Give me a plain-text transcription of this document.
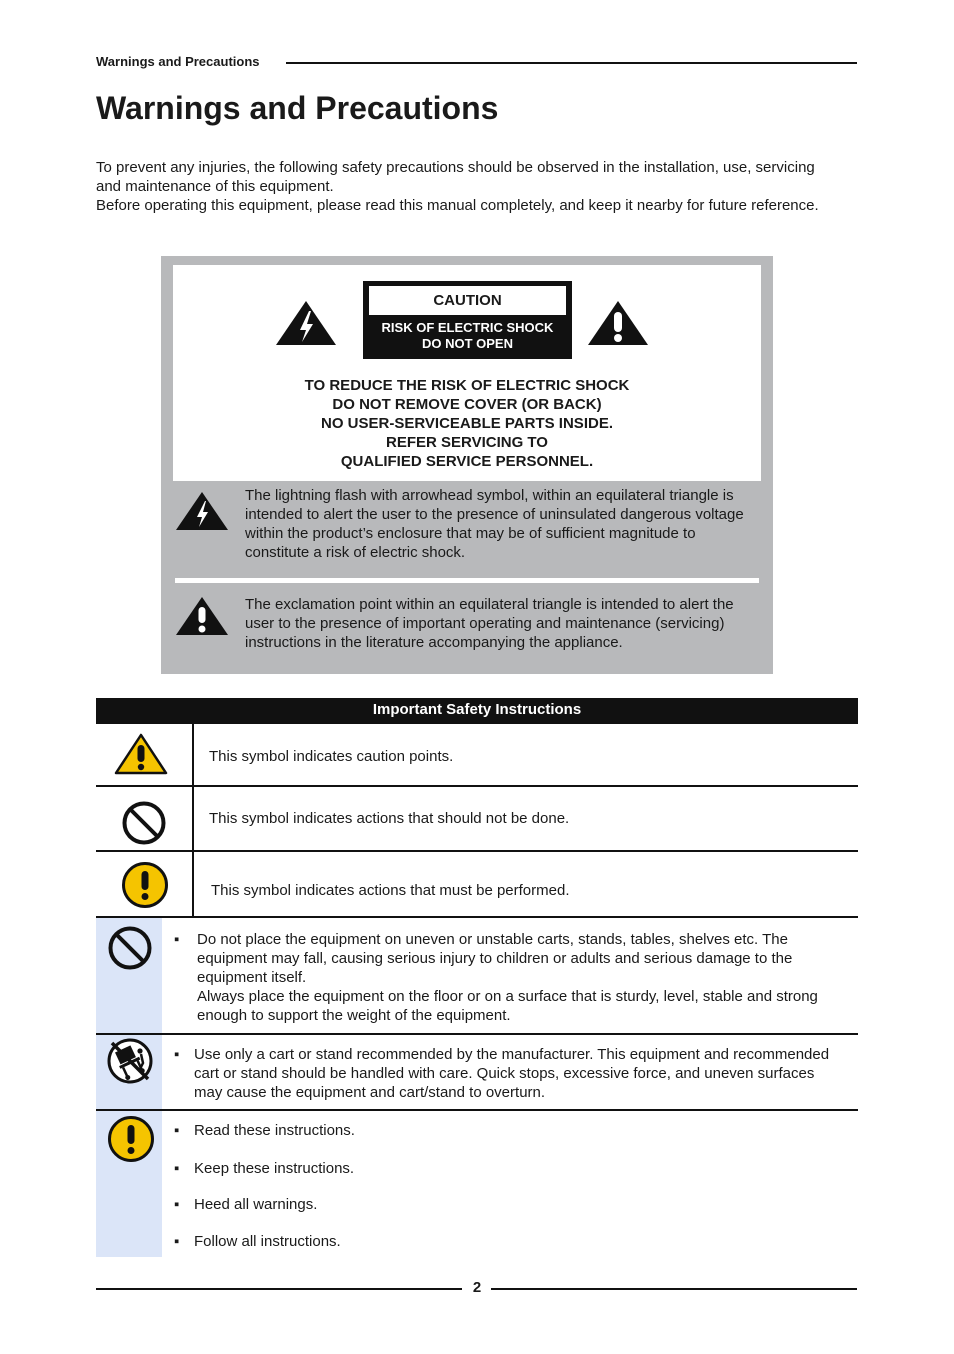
Warnings and Precautions
Warnings and Precautions

To prevent any injuries, the following safety precautions should be observed in the installation, use, servicing and maintenance of this equipment.

Before operating this equipment, please read this manual completely, and keep it nearby for future reference.

CAUTION
RISK OF ELECTRIC SHOCK
DO NOT OPEN
TO REDUCE THE RISK OF ELECTRIC SHOCK
DO NOT REMOVE COVER (OR BACK)
NO USER-SERVICEABLE PARTS INSIDE.
REFER SERVICING TO
QUALIFIED SERVICE PERSONNEL.
The lightning flash with arrowhead symbol, within an equilateral triangle is intended to alert the user to the presence of uninsulated dangerous voltage within the product’s enclosure that may be of sufficient magnitude to constitute a risk of electric shock.
The exclamation point within an equilateral triangle is intended to alert the user to the presence of important operating and maintenance (servicing) instructions in the literature accompanying the appliance.
Important Safety Instructions
This symbol indicates caution points.
This symbol indicates actions that should not be done.
This symbol indicates actions that must be performed.
▪ Do not place the equipment on uneven or unstable carts, stands, tables, shelves etc. The equipment may fall, causing serious injury to children or adults and serious damage to the equipment itself.
Always place the equipment on the floor or on a surface that is sturdy, level, stable and strong enough to support the weight of the equipment.
▪ Use only a cart or stand recommended by the manufacturer. This equipment and recommended cart or stand should be handled with care. Quick stops, excessive force, and uneven surfaces may cause the equipment and cart/stand to overturn.
▪ Read these instructions.
▪ Keep these instructions.
▪ Heed all warnings.
▪ Follow all instructions.
2
